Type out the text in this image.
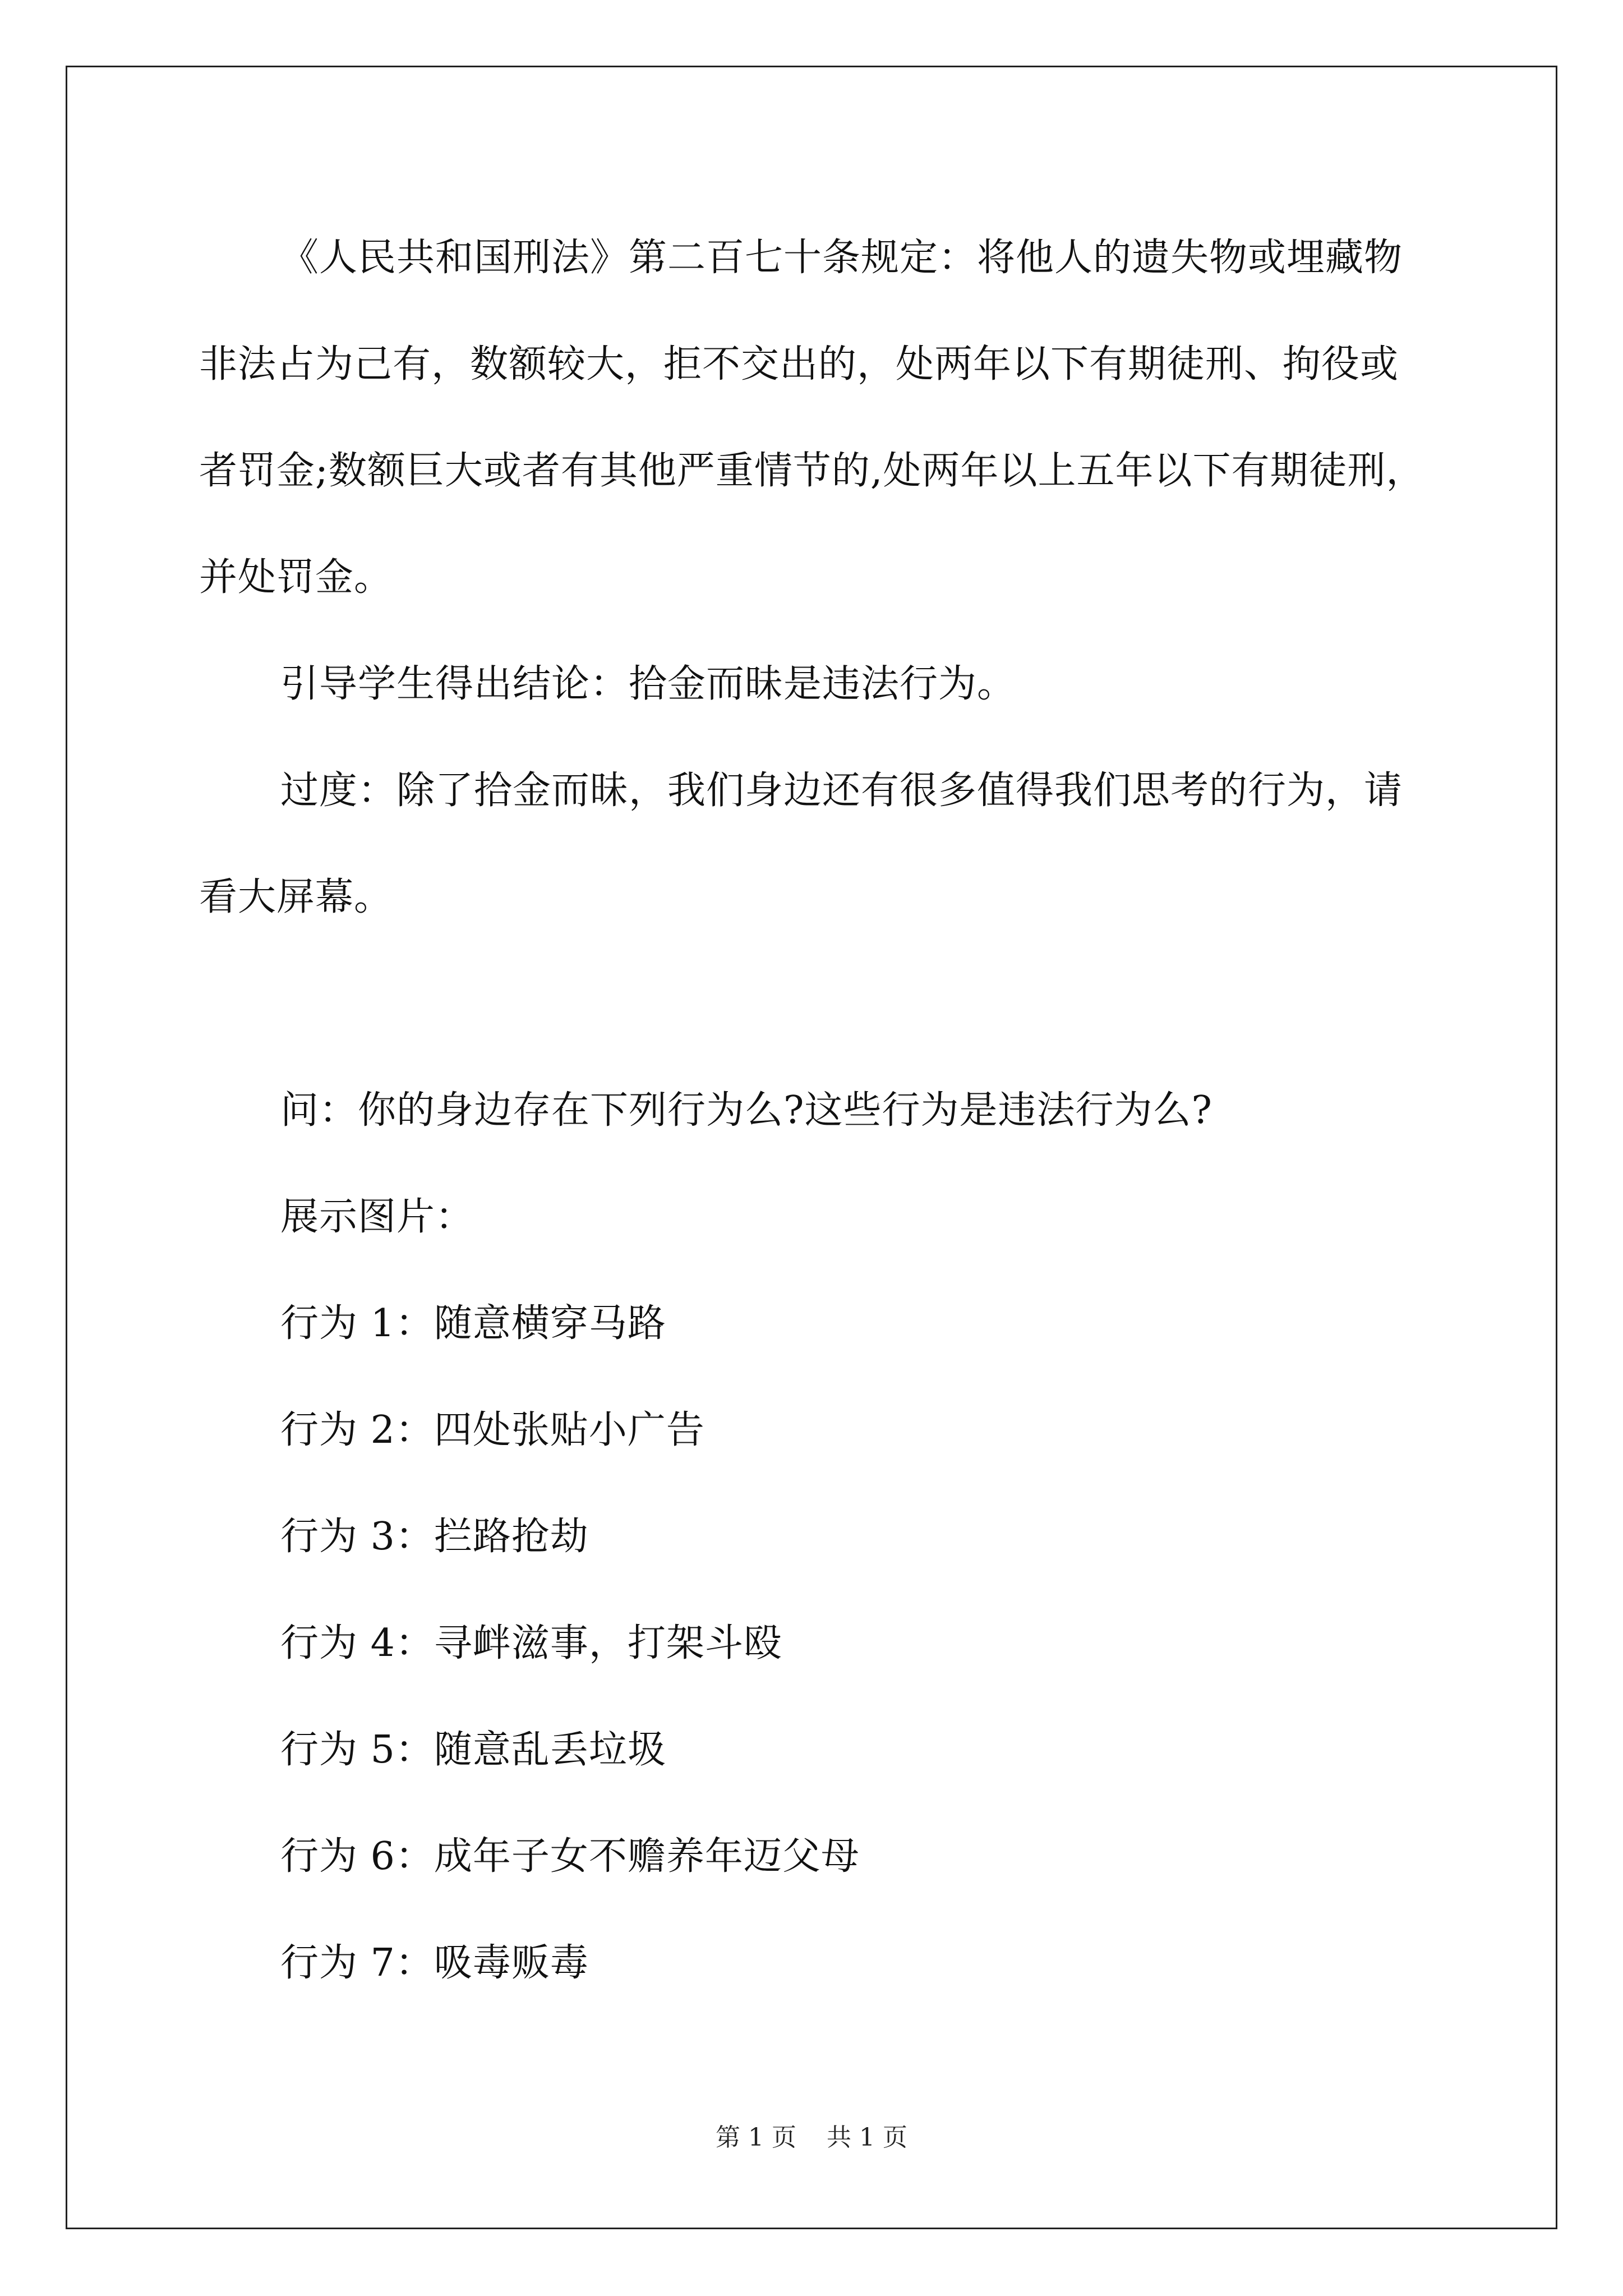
《人民共和国刑法》第二百七十条规定：将他人的遗失物或埋藏物非法占为己有，数额较大，拒不交出的，处两年以下有期徒刑、拘役或者罚金;数额巨大或者有其他严重情节的,处两年以上五年以下有期徒刑，并处罚金。

引导学生得出结论：拾金而昧是违法行为。

过度：除了拾金而昧，我们身边还有很多值得我们思考的行为，请看大屏幕。

问：你的身边存在下列行为么?这些行为是违法行为么?

展示图片：

行为 1：随意横穿马路

行为 2：四处张贴小广告

行为 3：拦路抢劫

行为 4：寻衅滋事，打架斗殴

行为 5：随意乱丢垃圾

行为 6：成年子女不赡养年迈父母

行为 7：吸毒贩毒

第 1 页 共 1 页
